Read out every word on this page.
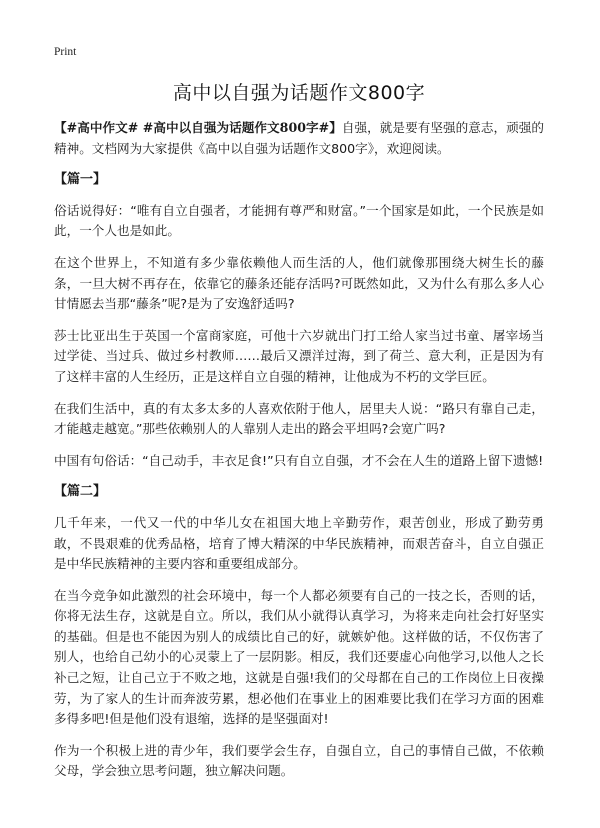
Print
高中以自强为话题作文800字

【#高中作文# #高中以自强为话题作文800字#】自强，就是要有坚强的意志，顽强的精神。文档网为大家提供《高中以自强为话题作文800字》，欢迎阅读。

【篇一】

俗话说得好：“唯有自立自强者，才能拥有尊严和财富。”一个国家是如此，一个民族是如此，一个人也是如此。

在这个世界上，不知道有多少靠依赖他人而生活的人，他们就像那围绕大树生长的藤条，一旦大树不再存在，依靠它的藤条还能存活吗?可既然如此，又为什么有那么多人心甘情愿去当那“藤条”呢?是为了安逸舒适吗?

莎士比亚出生于英国一个富商家庭，可他十六岁就出门打工给人家当过书童、屠宰场当过学徒、当过兵、做过乡村教师……最后又漂洋过海，到了荷兰、意大利，正是因为有了这样丰富的人生经历，正是这样自立自强的精神，让他成为不朽的文学巨匠。

在我们生活中，真的有太多太多的人喜欢依附于他人，居里夫人说：“路只有靠自己走，才能越走越宽。”那些依赖别人的人靠别人走出的路会平坦吗?会宽广吗?

中国有句俗话：“自己动手，丰衣足食!”只有自立自强，才不会在人生的道路上留下遗憾!

【篇二】

几千年来，一代又一代的中华儿女在祖国大地上辛勤劳作，艰苦创业，形成了勤劳勇敢，不畏艰难的优秀品格，培育了博大精深的中华民族精神，而艰苦奋斗，自立自强正是中华民族精神的主要内容和重要组成部分。

在当今竞争如此激烈的社会环境中，每一个人都必须要有自己的一技之长，否则的话，你将无法生存，这就是自立。所以，我们从小就得认真学习，为将来走向社会打好坚实的基础。但是也不能因为别人的成绩比自己的好，就嫉妒他。这样做的话，不仅伤害了别人，也给自己幼小的心灵蒙上了一层阴影。相反，我们还要虚心向他学习,以他人之长补己之短，让自己立于不败之地，这就是自强!我们的父母都在自己的工作岗位上日夜操劳，为了家人的生计而奔波劳累，想必他们在事业上的困难要比我们在学习方面的困难多得多吧!但是他们没有退缩，选择的是坚强面对!

作为一个积极上进的青少年，我们要学会生存，自强自立，自己的事情自己做，不依赖父母，学会独立思考问题，独立解决问题。
